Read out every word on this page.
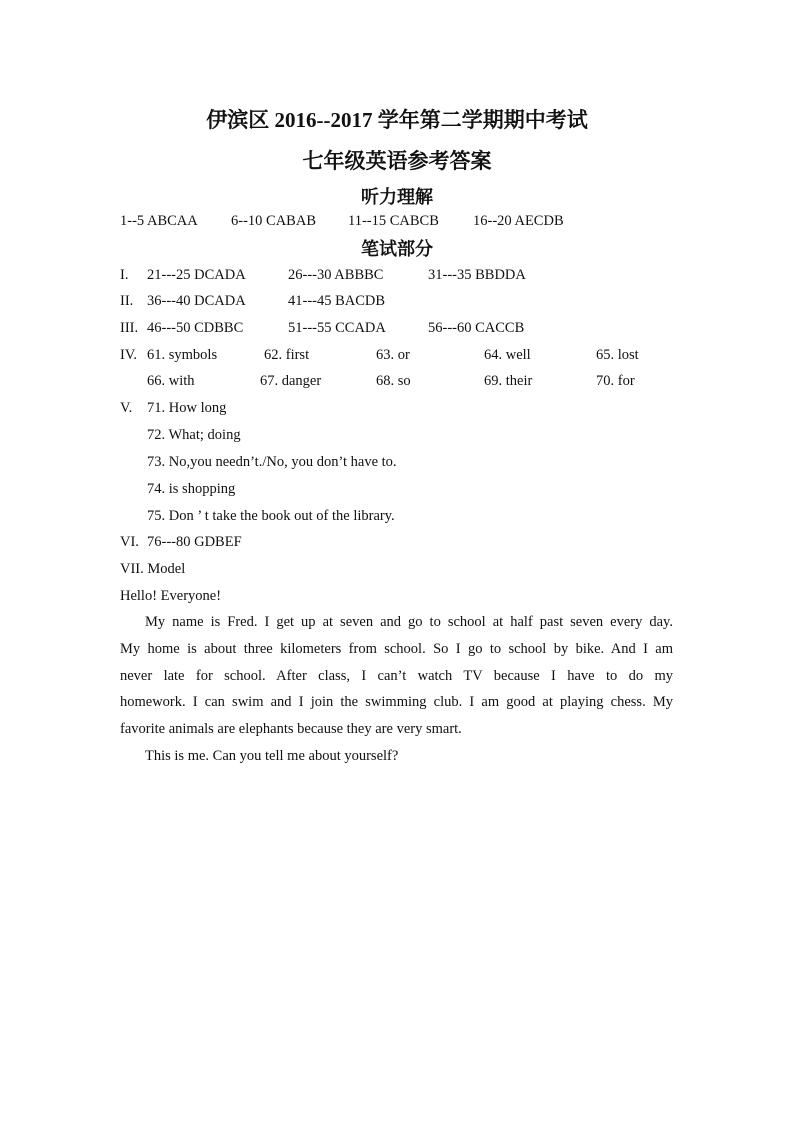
伊滨区 2016--2017 学年第二学期期中考试
七年级英语参考答案
听力理解
1--5 ABCAA 6--10 CABAB 11--15 CABCB 16--20 AECDB
笔试部分
I. 21---25 DCADA	26---30 ABBBC	31---35 BBDDA
II. 36---40 DCADA	41---45 BACDB
III. 46---50 CDBBC	51---55 CCADA	56---60 CACCB
IV. 61. symbols	62. first	63. or	64. well	65. lost
66. with	67. danger	68. so	69. their	70. for
V. 71. How long
72. What; doing
73. No,you needn’t./No, you don’t have to.
74. is shopping
75. Don ’ t take the book out of the library.
VI. 76---80 GDBEF
VII. Model
Hello! Everyone!
My name is Fred. I get up at seven and go to school at half past seven every day.
My home is about three kilometers from school. So I go to school by bike. And I am
never late for school. After class, I can’t watch TV because I have to do my
homework. I can swim and I join the swimming club. I am good at playing chess. My
favorite animals are elephants because they are very smart.
This is me. Can you tell me about yourself?
